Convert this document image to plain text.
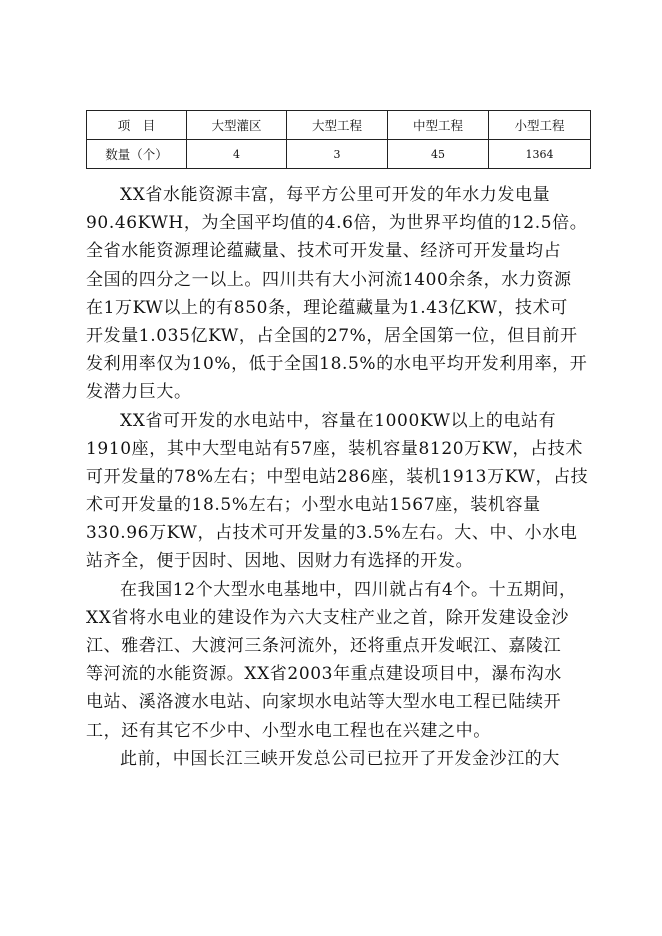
项　目	大型灌区	大型工程	中型工程	小型工程
数量（个）	4	3	45	1364
XX省水能资源丰富，每平方公里可开发的年水力发电量
90.46KWH，为全国平均值的4.6倍，为世界平均值的12.5倍。
全省水能资源理论蕴藏量、技术可开发量、经济可开发量均占
全国的四分之一以上。四川共有大小河流1400余条，水力资源
在1万KW以上的有850条，理论蕴藏量为1.43亿KW，技术可
开发量1.035亿KW，占全国的27%，居全国第一位，但目前开
发利用率仅为10%，低于全国18.5%的水电平均开发利用率，开
发潜力巨大。
XX省可开发的水电站中，容量在1000KW以上的电站有
1910座，其中大型电站有57座，装机容量8120万KW，占技术
可开发量的78%左右；中型电站286座，装机1913万KW，占技
术可开发量的18.5%左右；小型水电站1567座，装机容量
330.96万KW，占技术可开发量的3.5%左右。大、中、小水电
站齐全，便于因时、因地、因财力有选择的开发。
在我国12个大型水电基地中，四川就占有4个。十五期间，
XX省将水电业的建设作为六大支柱产业之首，除开发建设金沙
江、雅砻江、大渡河三条河流外，还将重点开发岷江、嘉陵江
等河流的水能资源。XX省2003年重点建设项目中，瀑布沟水
电站、溪洛渡水电站、向家坝水电站等大型水电工程已陆续开
工，还有其它不少中、小型水电工程也在兴建之中。
此前，中国长江三峡开发总公司已拉开了开发金沙江的大
